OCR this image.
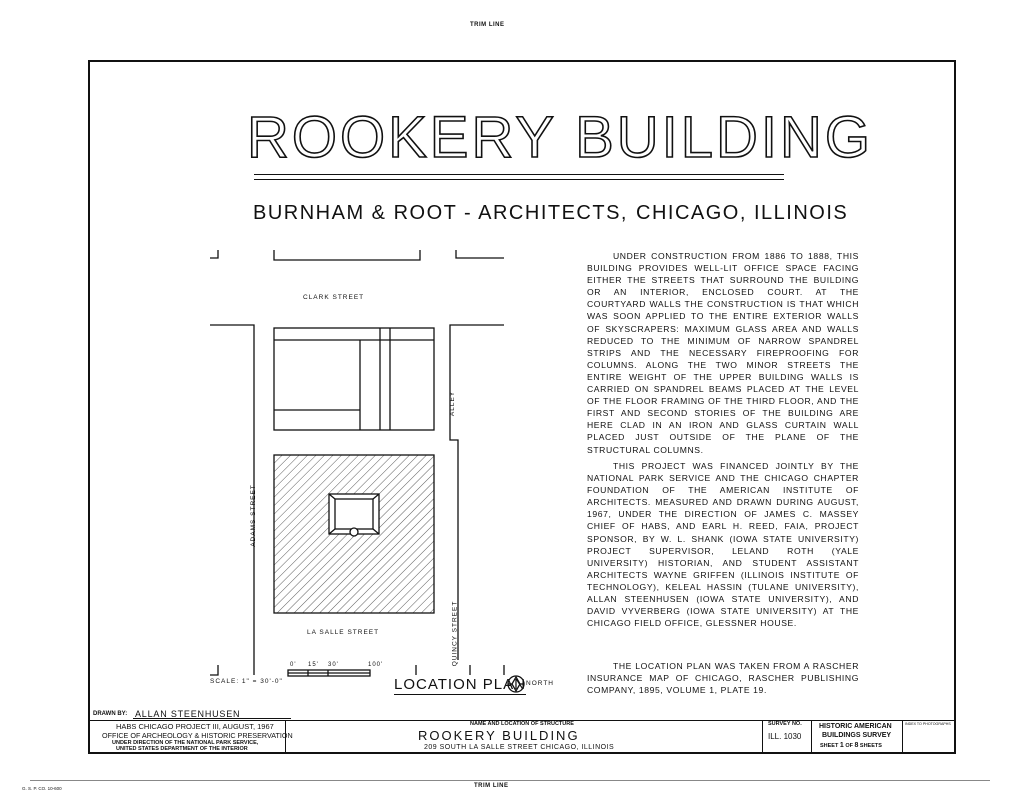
TRIM LINE
TRIM LINE
ROOKERY BUILDING
BURNHAM & ROOT - ARCHITECTS, CHICAGO, ILLINOIS
UNDER CONSTRUCTION FROM 1886 TO 1888, THIS BUILDING PROVIDES WELL-LIT OFFICE SPACE FACING EITHER THE STREETS THAT SURROUND THE BUILDING OR AN INTERIOR, ENCLOSED COURT. AT THE COURTYARD WALLS THE CONSTRUCTION IS THAT WHICH WAS SOON APPLIED TO THE ENTIRE EXTERIOR WALLS OF SKYSCRAPERS: MAXIMUM GLASS AREA AND WALLS REDUCED TO THE MINIMUM OF NARROW SPANDREL STRIPS AND THE NECESSARY FIREPROOFING FOR COLUMNS. ALONG THE TWO MINOR STREETS THE ENTIRE WEIGHT OF THE UPPER BUILDING WALLS IS CARRIED ON SPANDREL BEAMS PLACED AT THE LEVEL OF THE FLOOR FRAMING OF THE THIRD FLOOR, AND THE FIRST AND SECOND STORIES OF THE BUILDING ARE HERE CLAD IN AN IRON AND GLASS CURTAIN WALL PLACED JUST OUTSIDE OF THE PLANE OF THE STRUCTURAL COLUMNS.
THIS PROJECT WAS FINANCED JOINTLY BY THE NATIONAL PARK SERVICE AND THE CHICAGO CHAPTER FOUNDATION OF THE AMERICAN INSTITUTE OF ARCHITECTS. MEASURED AND DRAWN DURING AUGUST, 1967, UNDER THE DIRECTION OF JAMES C. MASSEY CHIEF OF HABS, AND EARL H. REED, FAIA, PROJECT SPONSOR, BY W. L. SHANK (IOWA STATE UNIVERSITY) PROJECT SUPERVISOR, LELAND ROTH (YALE UNIVERSITY) HISTORIAN, AND STUDENT ASSISTANT ARCHITECTS WAYNE GRIFFEN (ILLINOIS INSTITUTE OF TECHNOLOGY), KELEAL HASSIN (TULANE UNIVERSITY), ALLAN STEENHUSEN (IOWA STATE UNIVERSITY), AND DAVID VYVERBERG (IOWA STATE UNIVERSITY) AT THE CHICAGO FIELD OFFICE, GLESSNER HOUSE.
THE LOCATION PLAN WAS TAKEN FROM A RASCHER INSURANCE MAP OF CHICAGO, RASCHER PUBLISHING COMPANY, 1895, VOLUME 1, PLATE 19.
CLARK STREET
ADAMS STREET
LA SALLE STREET	QUINCY STREET
ALLEY
SCALE: 1" = 30'-0"
0' 15' 30'	100'
LOCATION PLAN NORTH
DRAWN BY: ALLAN STEENHUSEN
HABS CHICAGO PROJECT III, AUGUST, 1967
OFFICE OF ARCHEOLOGY & HISTORIC PRESERVATION
UNDER DIRECTION OF THE NATIONAL PARK SERVICE,
UNITED STATES DEPARTMENT OF THE INTERIOR
NAME AND LOCATION OF STRUCTURE
ROOKERY BUILDING
209 SOUTH LA SALLE STREET CHICAGO, ILLINOIS
SURVEY NO.
ILL. 1030
HISTORIC AMERICAN
BUILDINGS SURVEY
SHEET 1 OF 8 SHEETS
INDEX TO PHOTOGRAPHS
G. S. P. CO. 10-600
